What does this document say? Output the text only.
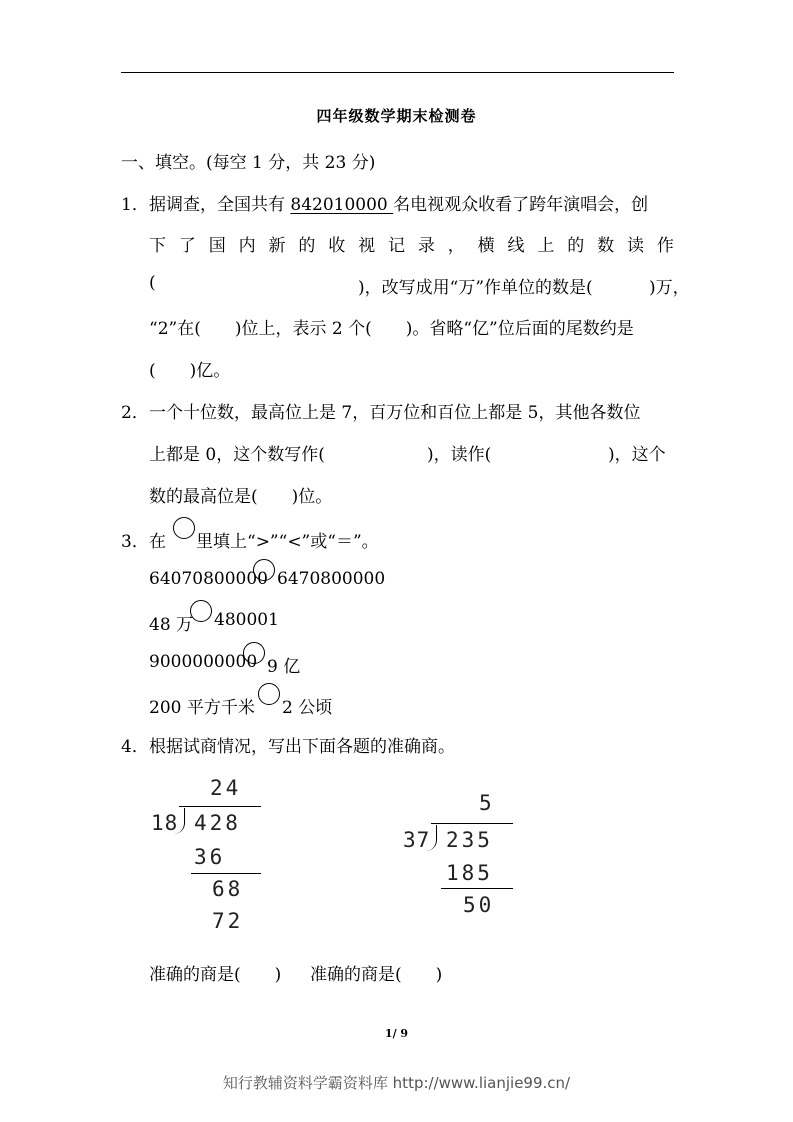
四年级数学期末检测卷
一、填空。(每空 1 分，共 23 分)
1． 据调查，全国共有 842010000 名电视观众收看了跨年演唱会，创
下 了 国 内 新 的 收 视 记 录 ， 横 线 上 的 数 读 作
(	)，改写成用“万”作单位的数是(	)万，
“2”在(　　)位上，表示 2 个(　　)。省略“亿”位后面的尾数约是
(　　)亿。
2． 一个十位数，最高位上是 7，百万位和百位上都是 5，其他各数位
上都是 0，这个数写作(	)，读作(	)，这个
数的最高位是(　　)位。
3． 在 里填上“>”“<”或“＝”。
64070800000 6470800000
48 万 480001
9000000000 9 亿
200 平方千米 2 公顷
4． 根据试商情况，写出下面各题的准确商。
24
18 428
36
68
72
5
37 235
185
50
准确的商是(　　) 准确的商是(　　)
1/ 9
知行教辅资料学霸资料库 http://www.lianjie99.cn/
